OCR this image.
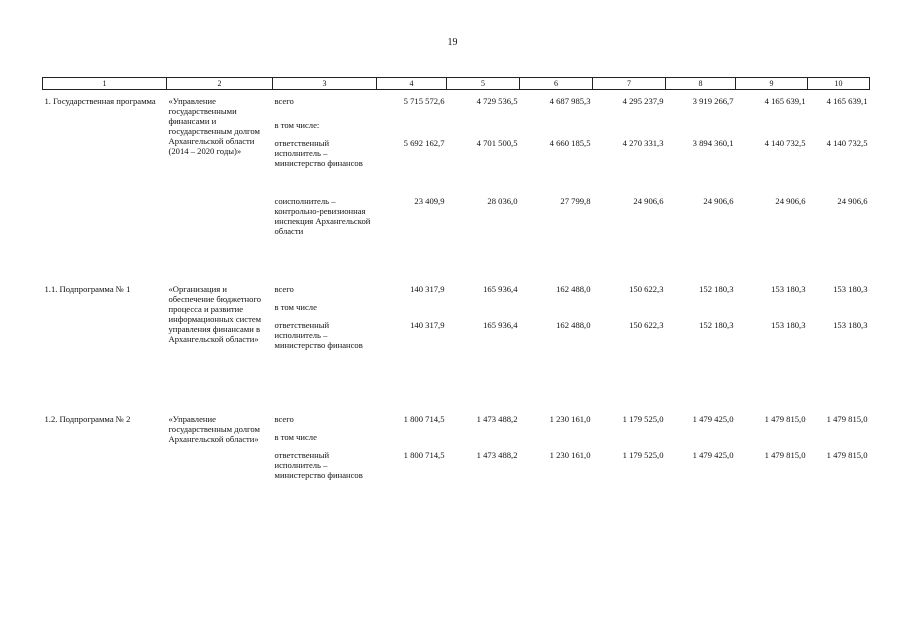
19
1	2	3	4	5	6	7	8	9	10
1. Государственная программа	«Управление государственными финансами и государственным долгом Архангельской области (2014 – 2020 годы)»	всего	5 715 572,6	4 729 536,5	4 687 985,3	4 295 237,9	3 919 266,7	4 165 639,1	4 165 639,1
		в том числе:							
		ответственный исполнитель – министерство финансов	5 692 162,7	4 701 500,5	4 660 185,5	4 270 331,3	3 894 360,1	4 140 732,5	4 140 732,5
		соисполнитель – контрольно-ревизионная инспекция Архангельской области	23 409,9	28 036,0	27 799,8	24 906,6	24 906,6	24 906,6	24 906,6
1.1. Подпрограмма № 1	«Организация и обеспечение бюджетного процесса и развитие информационных систем управления финансами в Архангельской области»	всего	140 317,9	165 936,4	162 488,0	150 622,3	152 180,3	153 180,3	153 180,3
		в том числе							
		ответственный исполнитель – министерство финансов	140 317,9	165 936,4	162 488,0	150 622,3	152 180,3	153 180,3	153 180,3
1.2. Подпрограмма № 2	«Управление государственным долгом Архангельской области»	всего	1 800 714,5	1 473 488,2	1 230 161,0	1 179 525,0	1 479 425,0	1 479 815,0	1 479 815,0
		в том числе							
		ответственный исполнитель – министерство финансов	1 800 714,5	1 473 488,2	1 230 161,0	1 179 525,0	1 479 425,0	1 479 815,0	1 479 815,0
